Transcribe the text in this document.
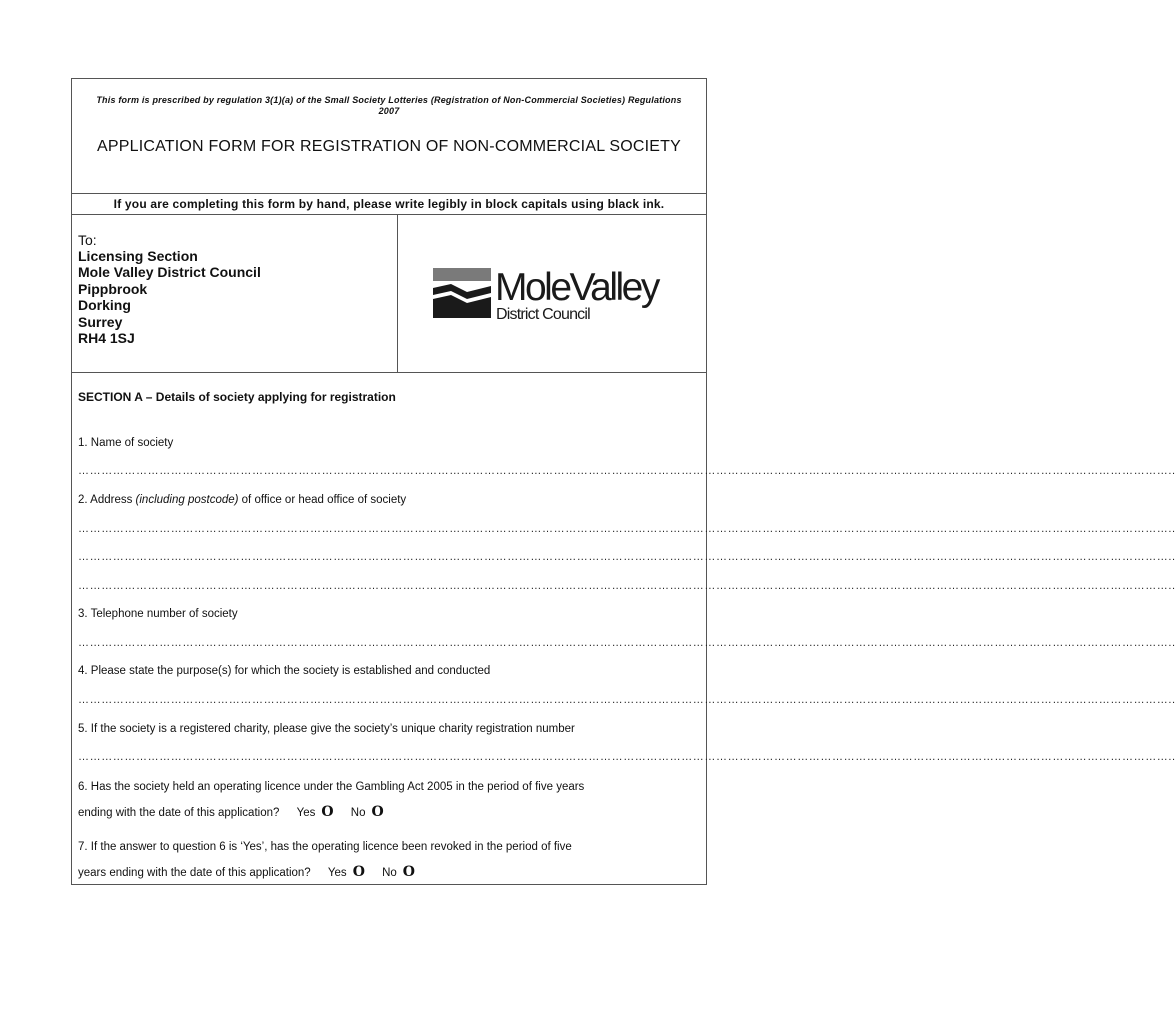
This form is prescribed by regulation 3(1)(a) of the Small Society Lotteries (Registration of Non-Commercial Societies) Regulations 2007
APPLICATION FORM FOR REGISTRATION OF NON-COMMERCIAL SOCIETY
If you are completing this form by hand, please write legibly in block capitals using black ink.
To:
Licensing Section
Mole Valley District Council
Pippbrook
Dorking
Surrey
RH4 1SJ
MoleValley
District Council
SECTION A – Details of society applying for registration
1. Name of society
…………………………………………………………………………………………………………………………………………………………………………………………………………………………………………………………..
2. Address (including postcode) of office or head office of society
…………………………………………………………………………………………………………………………………………………………………………………………………………………………………………………………..
…………………………………………………………………………………………………………………………………………………………………………………………………………………………………………………………..
…………………………………………………………………………………………………………………………………………………………………………………………………………………………………………………………..
3. Telephone number of society
…………………………………………………………………………………………………………………………………………………………………………………………………………………………………………………………..
4. Please state the purpose(s) for which the society is established and conducted
…………………………………………………………………………………………………………………………………………………………………………………………………………………………………………………………..
5. If the society is a registered charity, please give the society’s unique charity registration number
…………………………………………………………………………………………………………………………………………………………………………………………………………………………………………………………..
6. Has the society held an operating licence under the Gambling Act 2005 in the period of five years
ending with the date of this application? Yes O No O
7. If the answer to question 6 is ‘Yes’, has the operating licence been revoked in the period of five
years ending with the date of this application? Yes O No O
